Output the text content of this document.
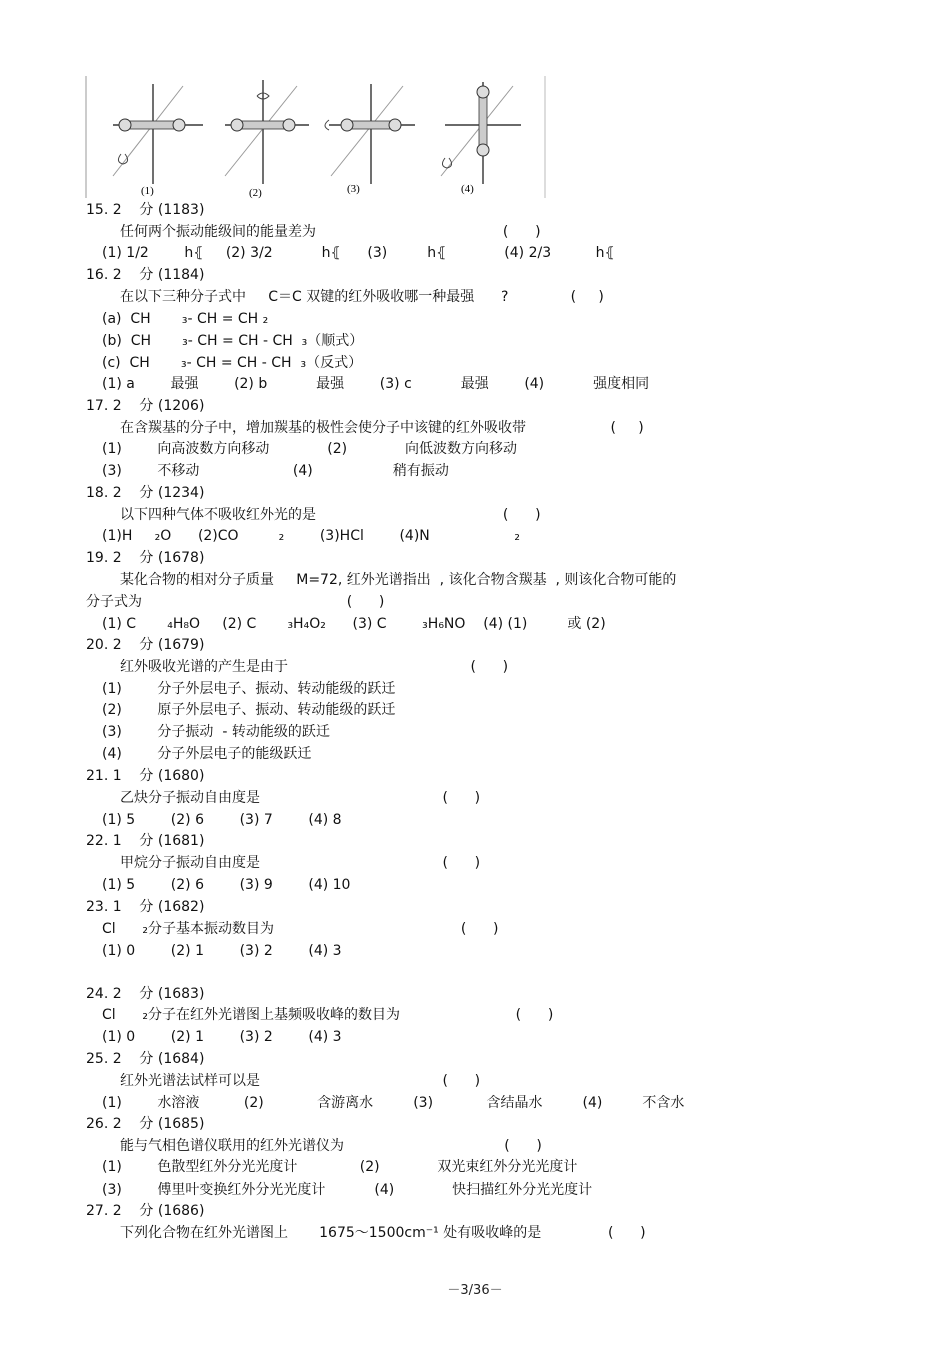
(1)	(2)	(3)	(4)
15. 2    分 (1183)
任何两个振动能级间的能量差为                                          (      )
(1) 1/2        h⦃     (2) 3/2           h⦃      (3)         h⦃             (4) 2/3          h⦃
16. 2    分 (1184)
在以下三种分子式中     C＝C 双键的红外吸收哪一种最强      ?              (     )
(a)  CH       ₃- CH = CH ₂
(b)  CH       ₃- CH = CH - CH  ₃（顺式）
(c)  CH       ₃- CH = CH - CH  ₃（反式）
(1) a        最强        (2) b           最强        (3) c           最强        (4)           强度相同
17. 2    分 (1206)
在含羰基的分子中，增加羰基的极性会使分子中该键的红外吸收带                   (     )
(1)        向高波数方向移动             (2)             向低波数方向移动
(3)        不移动                     (4)                  稍有振动
18. 2    分 (1234)
以下四种气体不吸收红外光的是                                          (      )
(1)H     ₂O      (2)CO         ₂        (3)HCl        (4)N                   ₂
19. 2    分 (1678)
某化合物的相对分子质量     M=72, 红外光谱指出  , 该化合物含羰基  , 则该化合物可能的
分子式为                                              (      )
(1) C       ₄H₈O     (2) C       ₃H₄O₂      (3) C        ₃H₆NO    (4) (1)         或 (2)
20. 2    分 (1679)
红外吸收光谱的产生是由于                                         (      )
(1)        分子外层电子、振动、转动能级的跃迁
(2)        原子外层电子、振动、转动能级的跃迁
(3)        分子振动  - 转动能级的跃迁
(4)        分子外层电子的能级跃迁
21. 1    分 (1680)
乙炔分子振动自由度是                                         (      )
(1) 5        (2) 6        (3) 7        (4) 8
22. 1    分 (1681)
甲烷分子振动自由度是                                         (      )
(1) 5        (2) 6        (3) 9        (4) 10
23. 1    分 (1682)
Cl      ₂分子基本振动数目为                                          (      )
(1) 0        (2) 1        (3) 2        (4) 3
24. 2    分 (1683)
Cl      ₂分子在红外光谱图上基频吸收峰的数目为                          (      )
(1) 0        (2) 1        (3) 2        (4) 3
25. 2    分 (1684)
红外光谱法试样可以是                                         (      )
(1)        水溶液          (2)            含游离水         (3)            含结晶水         (4)         不含水
26. 2    分 (1685)
能与气相色谱仪联用的红外光谱仪为                                    (      )
(1)        色散型红外分光光度计              (2)             双光束红外分光光度计
(3)        傅里叶变换红外分光光度计           (4)             快扫描红外分光光度计
27. 2    分 (1686)
下列化合物在红外光谱图上       1675～1500cm⁻¹ 处有吸收峰的是               (      )
－3/36－
